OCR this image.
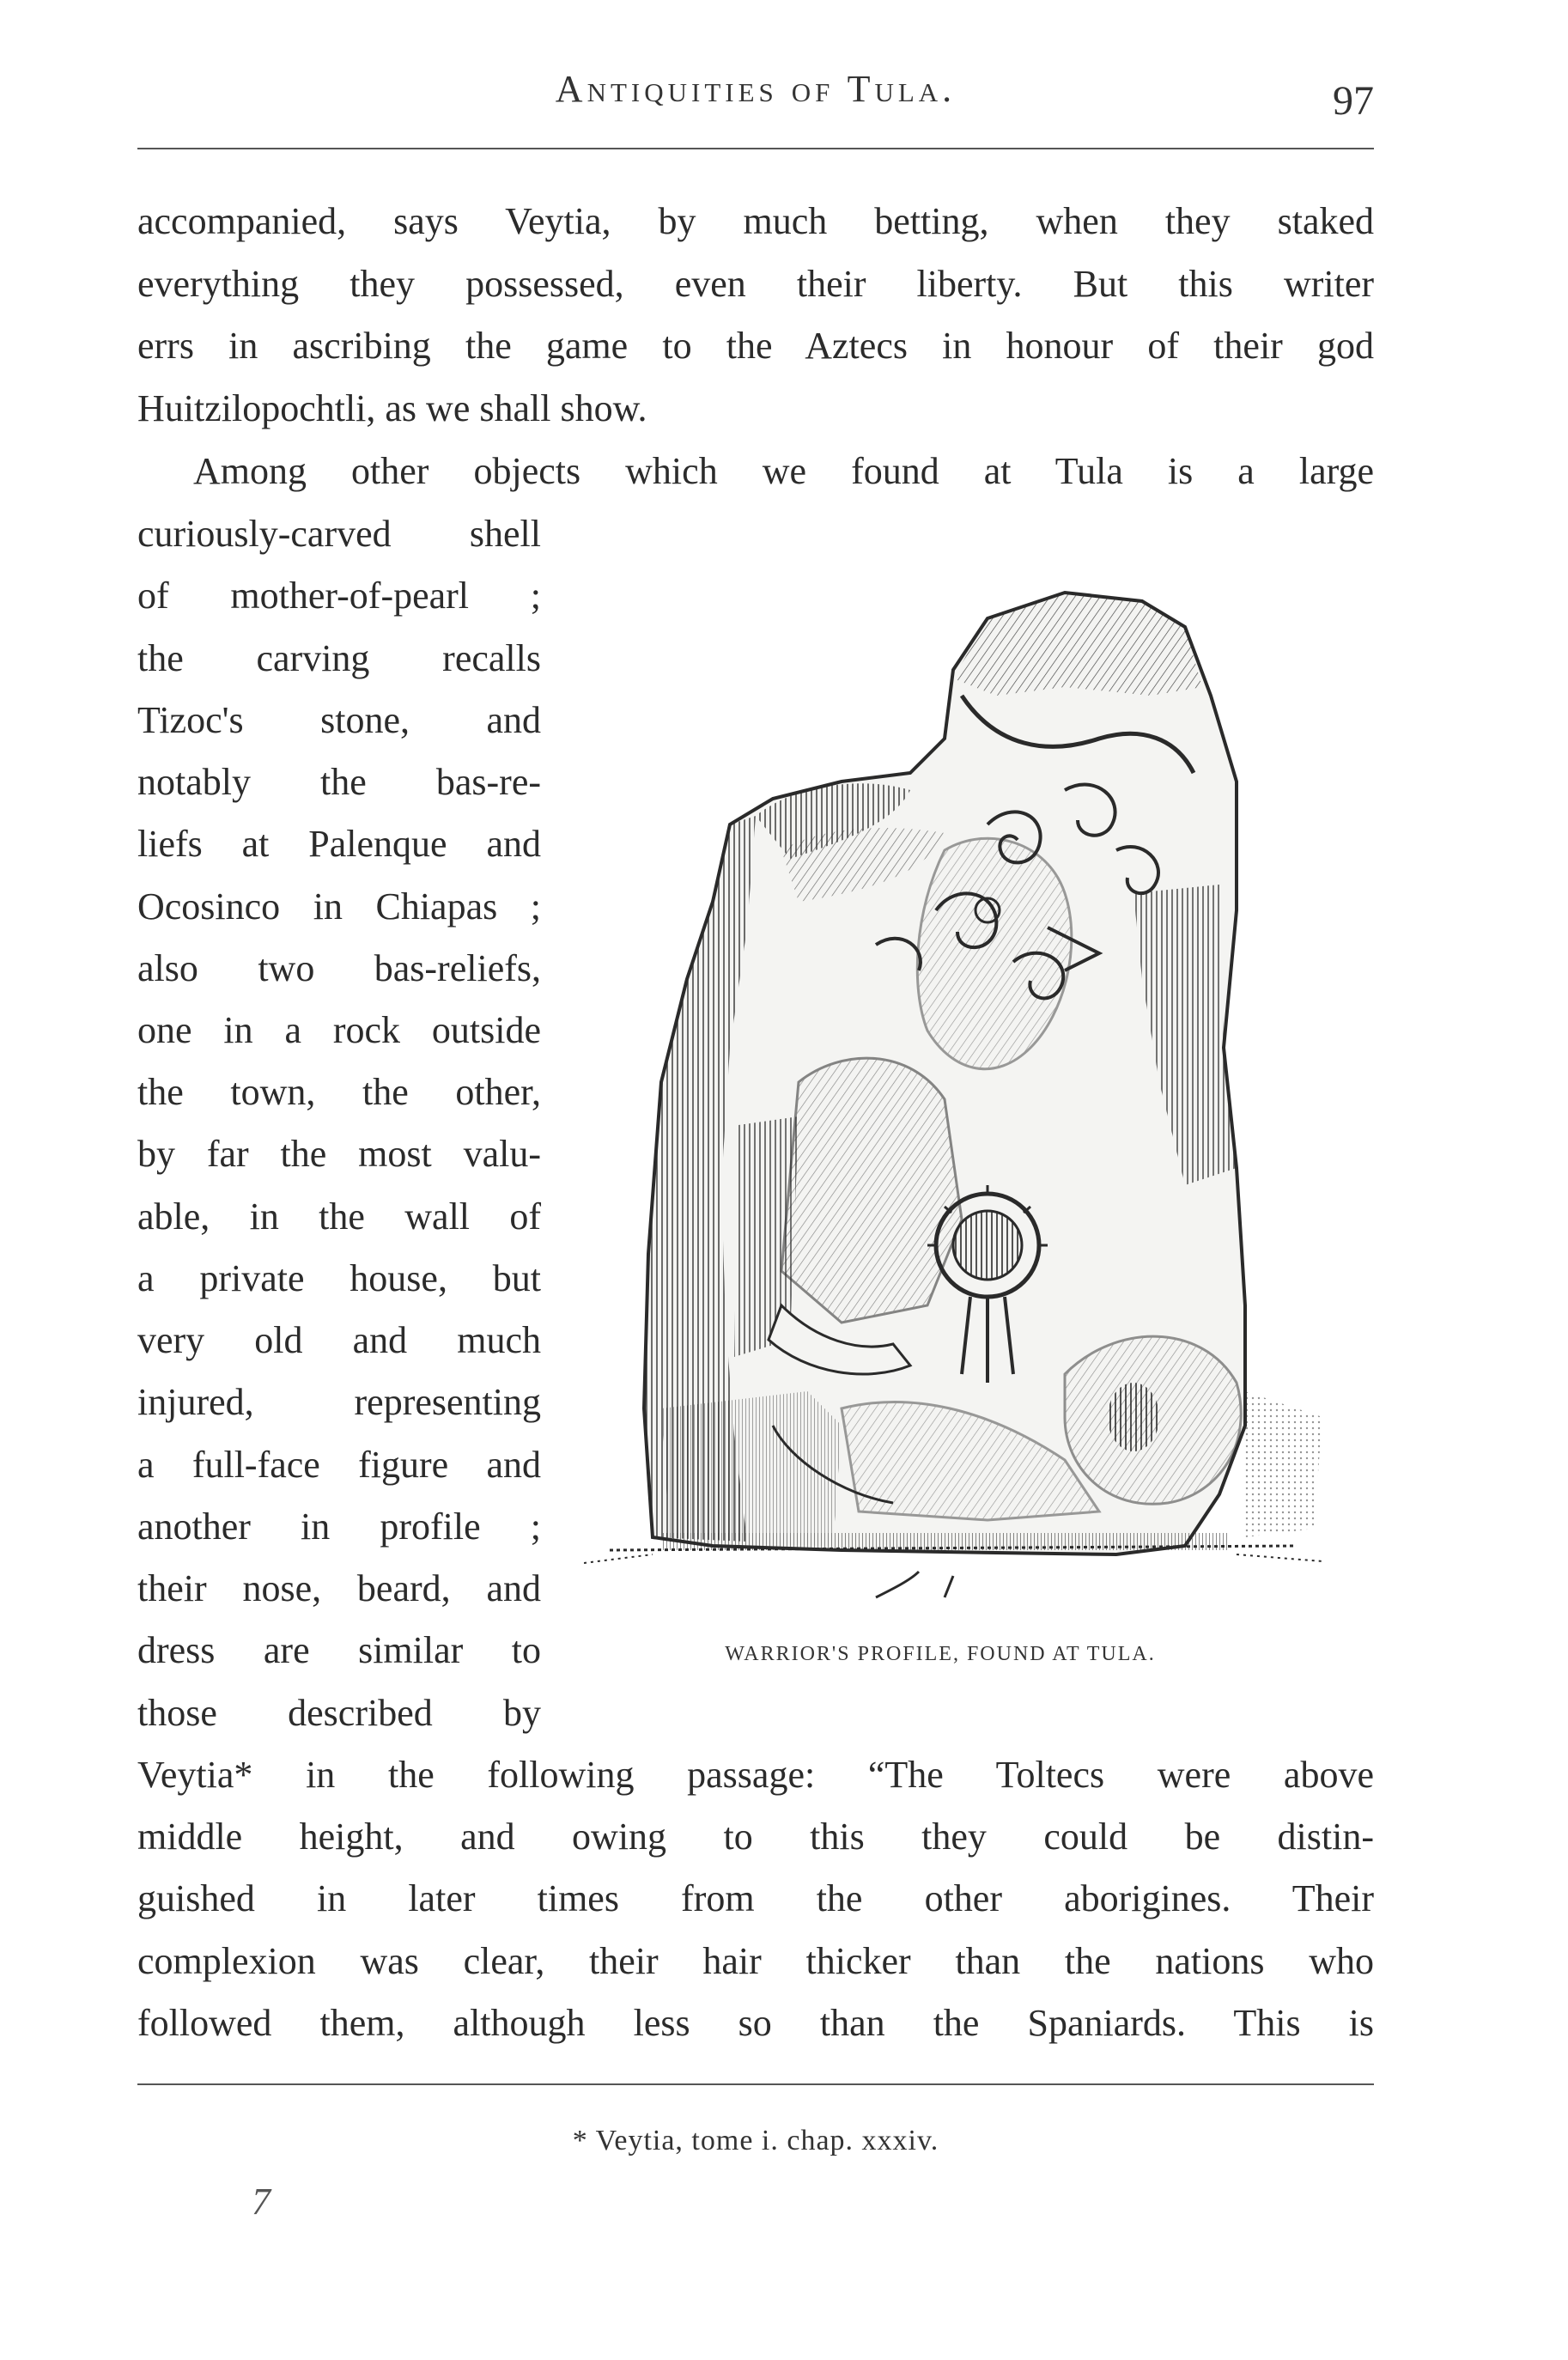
Antiquities of Tula.	97
accompanied, says Veytia, by much betting, when they staked
everything they possessed, even their liberty. But this writer
errs in ascribing the game to the Aztecs in honour of their god
Huitzilopochtli, as we shall show.
Among other objects which we found at Tula is a large
curiously-carved shell
of mother-of-pearl ;
the carving recalls
Tizoc's stone, and
notably the bas-re-
liefs at Palenque and
Ocosinco in Chiapas ;
also two bas-reliefs,
one in a rock outside
the town, the other,
by far the most valu-
able, in the wall of
a private house, but
very old and much
injured, representing
a full-face figure and
another in profile ;
their nose, beard, and
dress are similar to
those described by
Veytia* in the following passage: “The Toltecs were above
middle height, and owing to this they could be distin-
guished in later times from the other aborigines. Their
complexion was clear, their hair thicker than the nations who
followed them, although less so than the Spaniards. This is
WARRIOR'S PROFILE, FOUND AT TULA.
* Veytia, tome i. chap. xxxiv.
7
